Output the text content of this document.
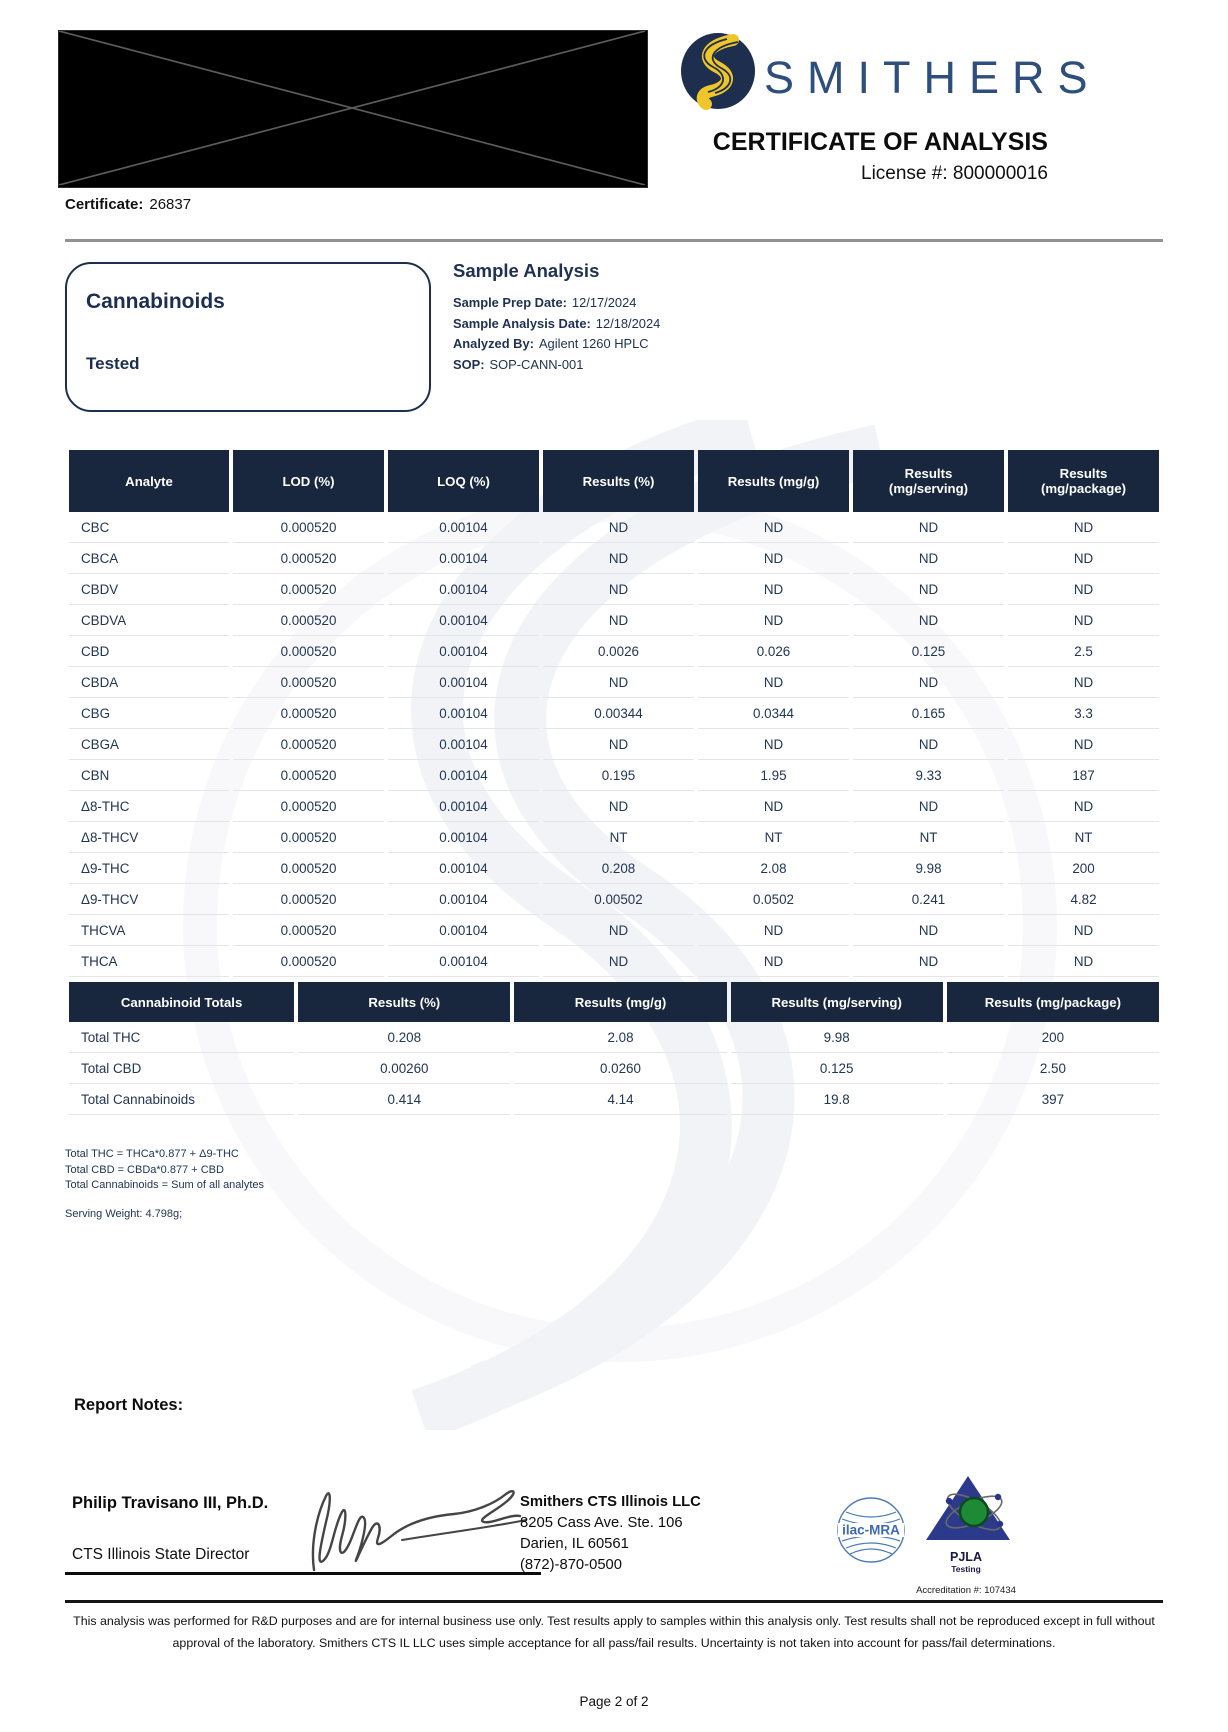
SMITHERS
CERTIFICATE OF ANALYSIS
License #: 800000016
Certificate: 26837
Cannabinoids
Tested
Sample Analysis
Sample Prep Date: 12/17/2024
Sample Analysis Date: 12/18/2024
Analyzed By: Agilent 1260 HPLC
SOP: SOP-CANN-001
Analyte	LOD (%)	LOQ (%)	Results (%)	Results (mg/g)	Results (mg/serving)	Results (mg/package)
CBC	0.000520	0.00104	ND	ND	ND	ND
CBCA	0.000520	0.00104	ND	ND	ND	ND
CBDV	0.000520	0.00104	ND	ND	ND	ND
CBDVA	0.000520	0.00104	ND	ND	ND	ND
CBD	0.000520	0.00104	0.0026	0.026	0.125	2.5
CBDA	0.000520	0.00104	ND	ND	ND	ND
CBG	0.000520	0.00104	0.00344	0.0344	0.165	3.3
CBGA	0.000520	0.00104	ND	ND	ND	ND
CBN	0.000520	0.00104	0.195	1.95	9.33	187
Δ8-THC	0.000520	0.00104	ND	ND	ND	ND
Δ8-THCV	0.000520	0.00104	NT	NT	NT	NT
Δ9-THC	0.000520	0.00104	0.208	2.08	9.98	200
Δ9-THCV	0.000520	0.00104	0.00502	0.0502	0.241	4.82
THCVA	0.000520	0.00104	ND	ND	ND	ND
THCA	0.000520	0.00104	ND	ND	ND	ND
Cannabinoid Totals	Results (%)	Results (mg/g)	Results (mg/serving)	Results (mg/package)
Total THC	0.208	2.08	9.98	200
Total CBD	0.00260	0.0260	0.125	2.50
Total Cannabinoids	0.414	4.14	19.8	397
Total THC = THCa*0.877 + Δ9-THC
Total CBD = CBDa*0.877 + CBD
Total Cannabinoids = Sum of all analytes
Serving Weight: 4.798g;
Report Notes:
Philip Travisano III, Ph.D.
CTS Illinois State Director
Smithers CTS Illinois LLC
8205 Cass Ave. Ste. 106
Darien, IL 60561
(872)-870-0500
ilac-MRA
PJLA
Testing
Accreditation #: 107434
This analysis was performed for R&D purposes and are for internal business use only. Test results apply to samples within this analysis only. Test results shall not be reproduced except in full without approval of the laboratory. Smithers CTS IL LLC uses simple acceptance for all pass/fail results. Uncertainty is not taken into account for pass/fail determinations.
Page 2 of 2
